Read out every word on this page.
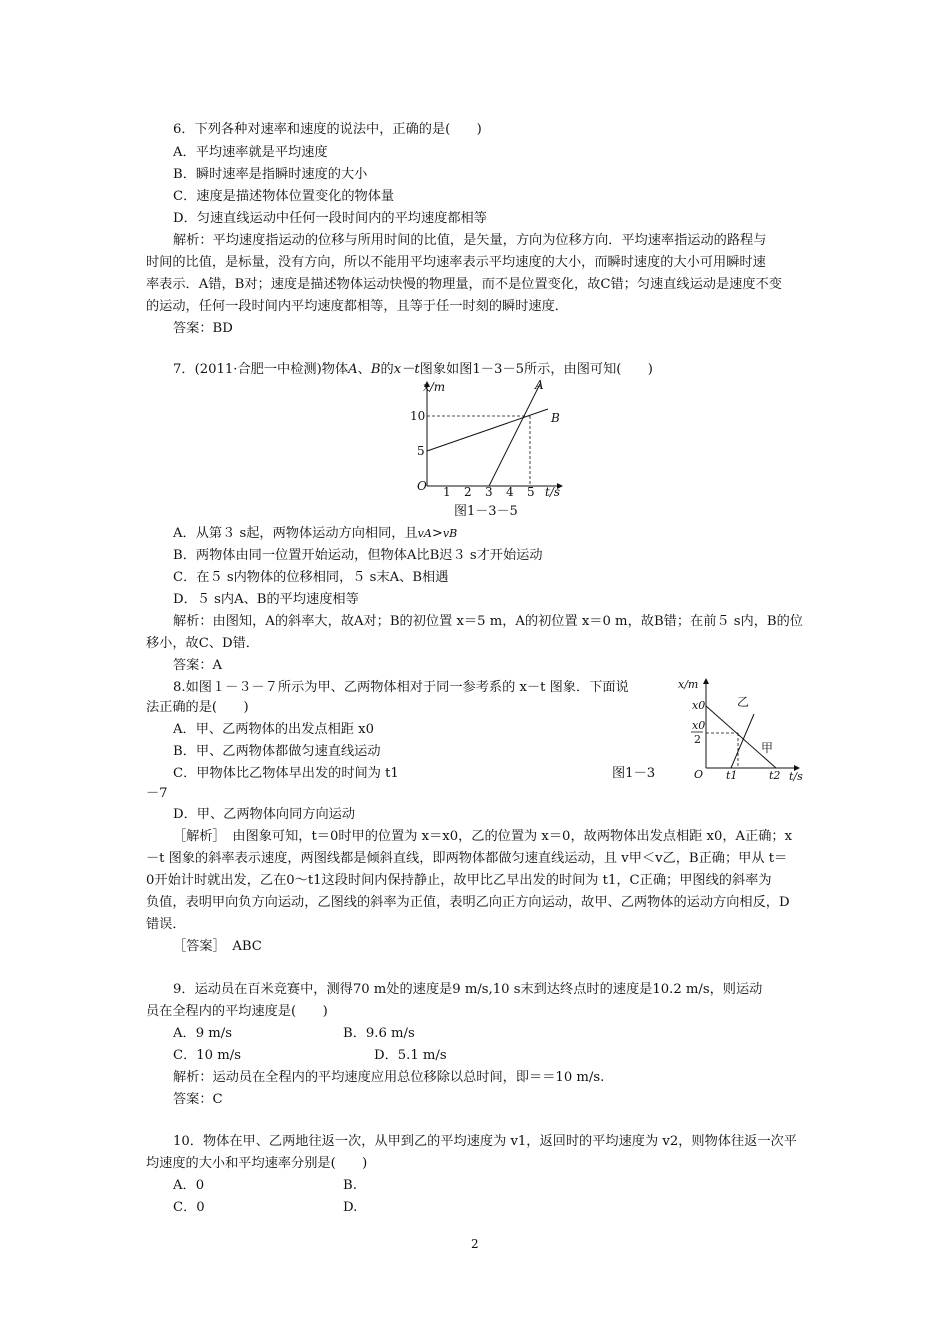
6．下列各种对速率和速度的说法中，正确的是(　　)
A．平均速率就是平均速度
B．瞬时速率是指瞬时速度的大小
C．速度是描述物体位置变化的物体量
D．匀速直线运动中任何一段时间内的平均速度都相等
解析：平均速度指运动的位移与所用时间的比值，是矢量，方向为位移方向．平均速率指运动的路程与
时间的比值，是标量，没有方向，所以不能用平均速率表示平均速度的大小，而瞬时速度的大小可用瞬时速
率表示．A错，B对；速度是描述物体运动快慢的物理量，而不是位置变化，故C错；匀速直线运动是速度不变
的运动，任何一段时间内平均速度都相等，且等于任一时刻的瞬时速度．
答案：BD
7．(2011·合肥一中检测)物体A、B的x－t图象如图1－3－5所示，由图可知(　　)
x/m
10
5
O 1 2 3 4 5 t/s
A
B
图1－3－5
A．从第３ s起，两物体运动方向相同，且vA>vB
B．两物体由同一位置开始运动，但物体A比B迟３ s才开始运动
C．在５ s内物体的位移相同，５ s末A、B相遇
D．５ s内A、B的平均速度相等
解析：由图知，A的斜率大，故A对；B的初位置 x＝5 m，A的初位置 x＝0 m，故B错；在前５ s内，B的位
移小，故C、D错．
答案：A
8.如图１－３－７所示为甲、乙两物体相对于同一参考系的 x－t 图象．下面说
法正确的是(　　)
A．甲、乙两物体的出发点相距 x0
B．甲、乙两物体都做匀速直线运动
C．甲物体比乙物体早出发的时间为 t1	图1－3
－7
D．甲、乙两物体向同方向运动
x/m
x0
x0
2
O t1	t2 t/s
乙
甲
［解析］　由图象可知，t＝0时甲的位置为 x＝x0，乙的位置为 x＝0，故两物体出发点相距 x0，A正确；x
－t 图象的斜率表示速度，两图线都是倾斜直线，即两物体都做匀速直线运动，且 v甲＜v乙，B正确；甲从 t＝
0开始计时就出发，乙在0～t1这段时间内保持静止，故甲比乙早出发的时间为 t1，C正确；甲图线的斜率为
负值，表明甲向负方向运动，乙图线的斜率为正值，表明乙向正方向运动，故甲、乙两物体的运动方向相反，D
错误．
［答案］　ABC
9．运动员在百米竞赛中，测得70 m处的速度是9 m/s,10 s末到达终点时的速度是10.2 m/s，则运动
员在全程内的平均速度是(　　)
A．9 m/s	B．9.6 m/s
C．10 m/s	D．5.1 m/s
解析：运动员在全程内的平均速度应用总位移除以总时间，即＝＝10 m/s.
答案：C
10．物体在甲、乙两地往返一次，从甲到乙的平均速度为 v1，返回时的平均速度为 v2，则物体往返一次平
均速度的大小和平均速率分别是(　　)
A．0	B.
C．0	D.
2
